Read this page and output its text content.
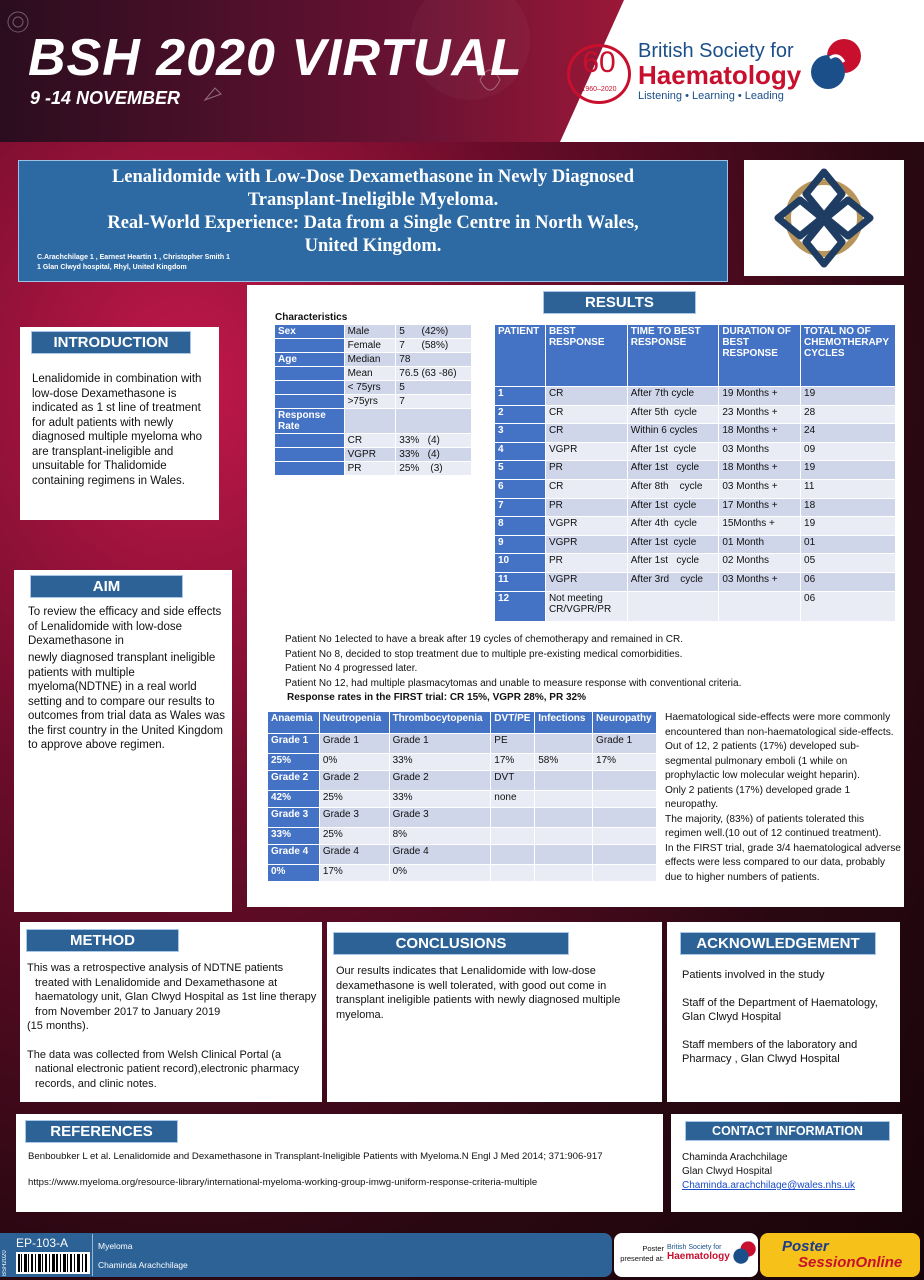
BSH 2020 VIRTUAL
9 -14 NOVEMBER
60
1960–2020
British Society for
Haematology
Listening • Learning • Leading
Lenalidomide with Low-Dose Dexamethasone in Newly Diagnosed
Transplant-Ineligible Myeloma.
Real-World Experience: Data from a Single Centre in North Wales,
United Kingdom.
C.Arachchilage 1 , Earnest Heartin 1 , Christopher Smith 1
1 Glan Clwyd hospital, Rhyl, United Kingdom
INTRODUCTION
Lenalidomide in combination with low-dose Dexamethasone is indicated as 1 st line of treatment for adult patients with newly diagnosed multiple myeloma who are transplant-ineligible and unsuitable for Thalidomide containing regimens in Wales.
AIM
To review the efficacy and side effects of Lenalidomide with low-dose Dexamethasone in
newly diagnosed transplant ineligible patients with multiple myeloma(NDTNE) in a real world setting and to compare our results to outcomes from trial data as Wales was the first country in the United Kingdom to approve above regimen.
Characteristics
Sex	Male	5      (42%)
	Female	7      (58%)
Age	Median	78
	Mean	76.5 (63 -86)
	< 75yrs	5
	>75yrs	7
Response Rate		
	CR	33%   (4)
	VGPR	33%   (4)
	PR	25%    (3)
RESULTS
PATIENT	BEST RESPONSE	TIME TO BEST RESPONSE	DURATION OF BEST RESPONSE	TOTAL NO OF CHEMOTHERAPY CYCLES
1	CR	After 7th cycle	19 Months +	19
2	CR	After 5th  cycle	23 Months +	28
3	CR	Within 6 cycles	18 Months +	24
4	VGPR	After 1st  cycle	03 Months	09
5	PR	After 1st   cycle	18 Months +	19
6	CR	After 8th    cycle	03 Months +	11
7	PR	After 1st  cycle	17 Months +	18
8	VGPR	After 4th  cycle	15Months +	19
9	VGPR	After 1st  cycle	01 Month	01
10	PR	After 1st   cycle	02 Months	05
11	VGPR	After 3rd    cycle	03 Months +	06
12	Not meeting CR/VGPR/PR			06
Patient No 1elected to have a break after 19 cycles of chemotherapy and remained in CR.
Patient No 8, decided to stop treatment due to multiple pre-existing medical comorbidities.
Patient No 4 progressed later.
Patient No 12, had multiple plasmacytomas and unable to measure response with conventional criteria.
Response rates in the FIRST trial: CR 15%, VGPR 28%, PR 32%
Anaemia	Neutropenia	Thrombocytopenia	DVT/PE	Infections	Neuropathy
Grade 1	Grade 1	Grade 1	PE		Grade 1
25%	0%	33%	17%	58%	17%
Grade 2	Grade 2	Grade 2	DVT		
42%	25%	33%	none		
Grade 3	Grade 3	Grade 3			
33%	25%	8%			
Grade 4	Grade 4	Grade 4			
0%	17%	0%			
Haematological side-effects were more commonly encountered than non-haematological side-effects.
Out of 12, 2 patients (17%) developed sub-segmental pulmonary emboli (1 while on prophylactic low molecular weight heparin).
Only 2 patients (17%) developed grade 1 neuropathy.
The majority, (83%) of patients tolerated this regimen well.(10 out of 12 continued treatment).
In the FIRST trial, grade 3/4 haematological adverse effects were less compared to our data, probably due to higher numbers of patients.
METHOD
This was a retrospective analysis of NDTNE patients treated with Lenalidomide and Dexamethasone at haematology unit, Glan Clwyd Hospital as 1st line therapy from November 2017 to January 2019
(15 months).
The data was collected from Welsh Clinical Portal (a national electronic patient record),electronic pharmacy records, and clinic notes.
CONCLUSIONS
Our results indicates that Lenalidomide with low-dose dexamethasone is well tolerated, with good out come in transplant ineligible patients with newly diagnosed multiple myeloma.
ACKNOWLEDGEMENT
Patients involved in the study
Staff of the Department of Haematology, Glan Clwyd Hospital
Staff members of the laboratory and Pharmacy , Glan Clwyd Hospital
REFERENCES
Benboubker L et al. Lenalidomide and Dexamethasone in Transplant-Ineligible Patients with Myeloma.N Engl J Med 2014; 371:906-917
https://www.myeloma.org/resource-library/international-myeloma-working-group-imwg-uniform-response-criteria-multiple
CONTACT INFORMATION
Chaminda Arachchilage
Glan Clwyd Hospital
Chaminda.arachchilage@wales.nhs.uk
BSH2020
EP-103-A	Myeloma
Chaminda Arachchilage
Poster
presented at:
British Society for
Haematology
Poster
SessionOnline
